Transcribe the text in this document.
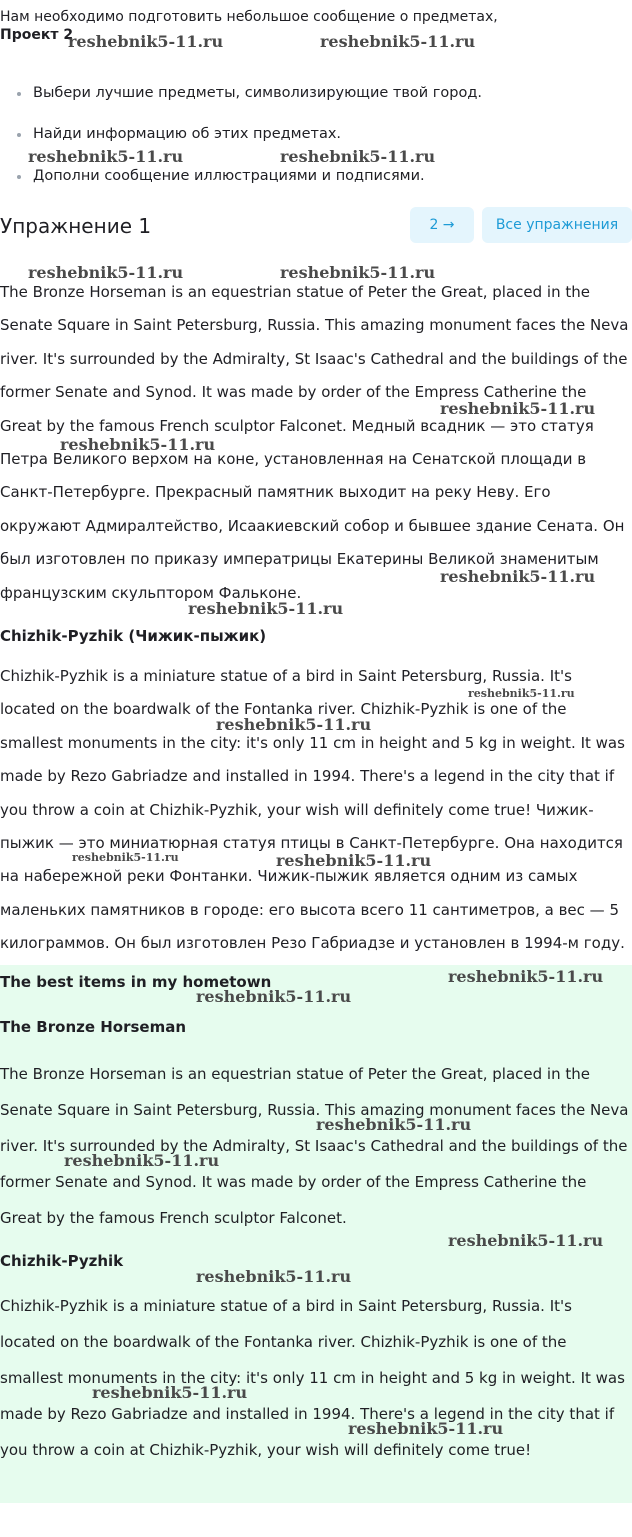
Нам необходимо подготовить небольшое сообщение о предметах,
Проект 2
Выбери лучшие предметы, символизирующие твой город.
Найди информацию об этих предметах.
Дополни сообщение иллюстрациями и подписями.
Упражнение 1	2 →	Все упражнения
The Bronze Horseman is an equestrian statue of Peter the Great, placed in the Senate Square in Saint Petersburg, Russia. This amazing monument faces the Neva river. It's surrounded by the Admiralty, St Isaac's Cathedral and the buildings of the former Senate and Synod. It was made by order of the Empress Catherine the Great by the famous French sculptor Falconet. Медный всадник — это статуя Петра Великого верхом на коне, установленная на Сенатской площади в Санкт-Петербурге. Прекрасный памятник выходит на реку Неву. Его окружают Адмиралтейство, Исаакиевский собор и бывшее здание Сената. Он был изготовлен по приказу императрицы Екатерины Великой знаменитым французским скульптором Фальконе.
Chizhik-Pyzhik (Чижик-пыжик)
Chizhik-Pyzhik is a miniature statue of a bird in Saint Petersburg, Russia. It's located on the boardwalk of the Fontanka river. Chizhik-Pyzhik is one of the smallest monuments in the city: it's only 11 cm in height and 5 kg in weight. It was made by Rezo Gabriadze and installed in 1994. There's a legend in the city that if you throw a coin at Chizhik-Pyzhik, your wish will definitely come true! Чижик-пыжик — это миниатюрная статуя птицы в Санкт-Петербурге. Она находится на набережной реки Фонтанки. Чижик-пыжик является одним из самых маленьких памятников в городе: его высота всего 11 сантиметров, а вес — 5 килограммов. Он был изготовлен Резо Габриадзе и установлен в 1994-м году.
The best items in my hometown
The Bronze Horseman
The Bronze Horseman is an equestrian statue of Peter the Great, placed in the Senate Square in Saint Petersburg, Russia. This amazing monument faces the Neva river. It's surrounded by the Admiralty, St Isaac's Cathedral and the buildings of the former Senate and Synod. It was made by order of the Empress Catherine the Great by the famous French sculptor Falconet.
Chizhik-Pyzhik
Chizhik-Pyzhik is a miniature statue of a bird in Saint Petersburg, Russia. It's located on the boardwalk of the Fontanka river. Chizhik-Pyzhik is one of the smallest monuments in the city: it's only 11 cm in height and 5 kg in weight. It was made by Rezo Gabriadze and installed in 1994. There's a legend in the city that if you throw a coin at Chizhik-Pyzhik, your wish will definitely come true!
reshebnik5-11.ru	reshebnik5-11.ru
reshebnik5-11.ru	reshebnik5-11.ru
reshebnik5-11.ru	reshebnik5-11.ru
reshebnik5-11.ru
reshebnik5-11.ru
reshebnik5-11.ru
reshebnik5-11.ru
reshebnik5-11.ru
reshebnik5-11.ru
reshebnik5-11.ru	reshebnik5-11.ru
reshebnik5-11.ru
reshebnik5-11.ru
reshebnik5-11.ru
reshebnik5-11.ru
reshebnik5-11.ru
reshebnik5-11.ru
reshebnik5-11.ru
reshebnik5-11.ru
